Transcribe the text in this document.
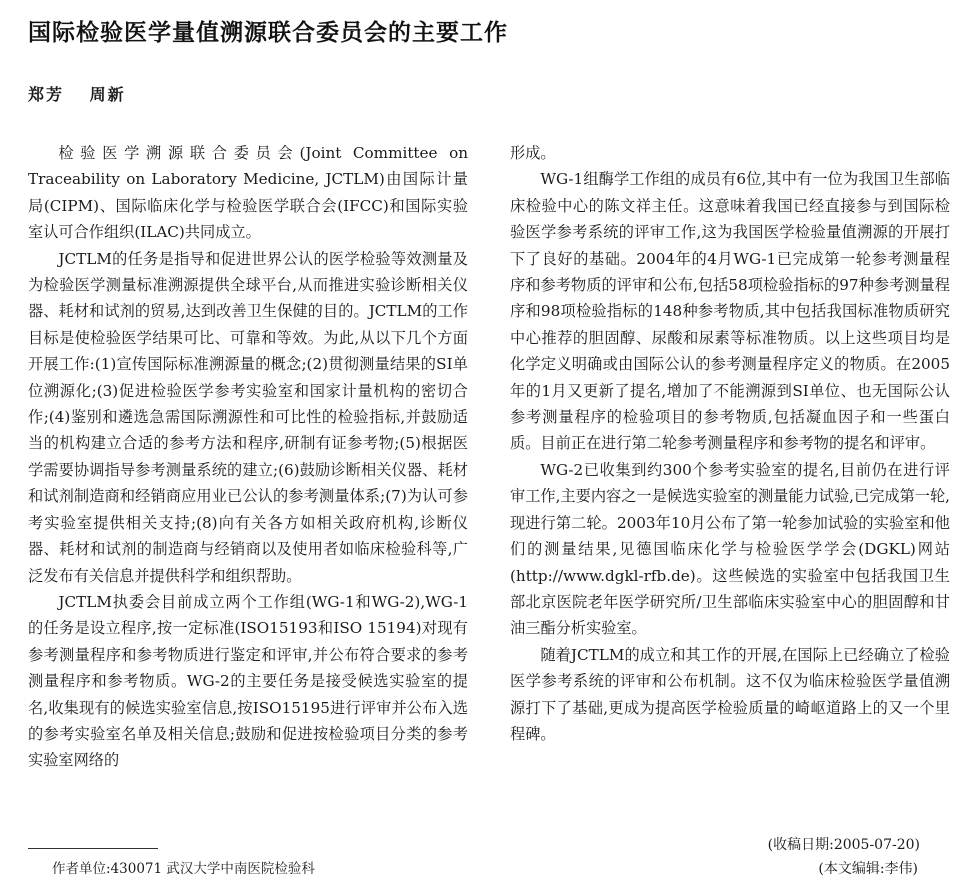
国际检验医学量值溯源联合委员会的主要工作
郑芳 周新

检验医学溯源联合委员会(Joint Committee on Traceability on Laboratory Medicine, JCTLM)由国际计量局(CIPM)、国际临床化学与检验医学联合会(IFCC)和国际实验室认可合作组织(ILAC)共同成立。

JCTLM的任务是指导和促进世界公认的医学检验等效测量及为检验医学测量标准溯源提供全球平台,从而推进实验诊断相关仪器、耗材和试剂的贸易,达到改善卫生保健的目的。JCTLM的工作目标是使检验医学结果可比、可靠和等效。为此,从以下几个方面开展工作:(1)宣传国际标准溯源量的概念;(2)贯彻测量结果的SI单位溯源化;(3)促进检验医学参考实验室和国家计量机构的密切合作;(4)鉴别和遴选急需国际溯源性和可比性的检验指标,并鼓励适当的机构建立合适的参考方法和程序,研制有证参考物;(5)根据医学需要协调指导参考测量系统的建立;(6)鼓励诊断相关仪器、耗材和试剂制造商和经销商应用业已公认的参考测量体系;(7)为认可参考实验室提供相关支持;(8)向有关各方如相关政府机构,诊断仪器、耗材和试剂的制造商与经销商以及使用者如临床检验科等,广泛发布有关信息并提供科学和组织帮助。

JCTLM执委会目前成立两个工作组(WG-1和WG-2),WG-1的任务是设立程序,按一定标准(ISO15193和ISO 15194)对现有参考测量程序和参考物质进行鉴定和评审,并公布符合要求的参考测量程序和参考物质。WG-2的主要任务是接受候选实验室的提名,收集现有的候选实验室信息,按ISO15195进行评审并公布入选的参考实验室名单及相关信息;鼓励和促进按检验项目分类的参考实验室网络的

形成。

WG-1组酶学工作组的成员有6位,其中有一位为我国卫生部临床检验中心的陈文祥主任。这意味着我国已经直接参与到国际检验医学参考系统的评审工作,这为我国医学检验量值溯源的开展打下了良好的基础。2004年的4月WG-1已完成第一轮参考测量程序和参考物质的评审和公布,包括58项检验指标的97种参考测量程序和98项检验指标的148种参考物质,其中包括我国标准物质研究中心推荐的胆固醇、尿酸和尿素等标准物质。以上这些项目均是化学定义明确或由国际公认的参考测量程序定义的物质。在2005年的1月又更新了提名,增加了不能溯源到SI单位、也无国际公认参考测量程序的检验项目的参考物质,包括凝血因子和一些蛋白质。目前正在进行第二轮参考测量程序和参考物的提名和评审。

WG-2已收集到约300个参考实验室的提名,目前仍在进行评审工作,主要内容之一是候选实验室的测量能力试验,已完成第一轮,现进行第二轮。2003年10月公布了第一轮参加试验的实验室和他们的测量结果,见德国临床化学与检验医学学会(DGKL)网站(http://www.dgkl-rfb.de)。这些候选的实验室中包括我国卫生部北京医院老年医学研究所/卫生部临床实验室中心的胆固醇和甘油三酯分析实验室。

随着JCTLM的成立和其工作的开展,在国际上已经确立了检验医学参考系统的评审和公布机制。这不仅为临床检验医学量值溯源打下了基础,更成为提高医学检验质量的崎岖道路上的又一个里程碑。

(收稿日期:2005-07-20)
(本文编辑:李伟)
作者单位:430071 武汉大学中南医院检验科
